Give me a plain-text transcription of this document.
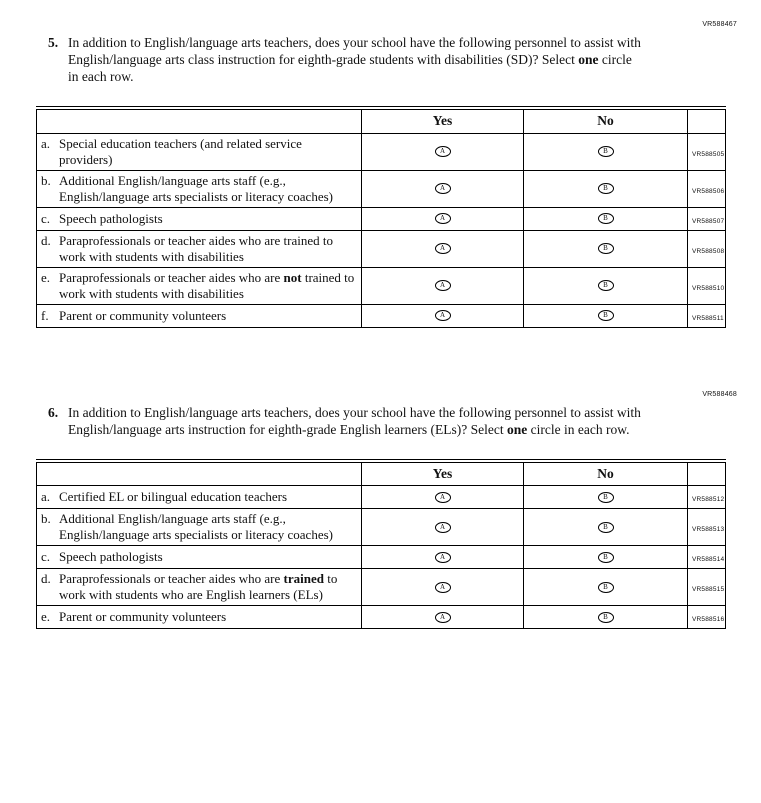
VR588467
5. In addition to English/language arts teachers, does your school have the following personnel to assist with English/language arts class instruction for eighth-grade students with disabilities (SD)? Select one circle in each row.
	Yes	No	

a. Special education teachers (and related service providers)	A	B	VR588505

b. Additional English/language arts staff (e.g., English/language arts specialists or literacy coaches)	A	B	VR588506

c. Speech pathologists	A	B	VR588507

d. Paraprofessionals or teacher aides who are trained to work with students with disabilities	A	B	VR588508

e. Paraprofessionals or teacher aides who are not trained to work with students with disabilities	A	B	VR588510

f. Parent or community volunteers	A	B	VR588511
VR588468
6. In addition to English/language arts teachers, does your school have the following personnel to assist with English/language arts instruction for eighth-grade English learners (ELs)? Select one circle in each row.
	Yes	No	

a. Certified EL or bilingual education teachers	A	B	VR588512

b. Additional English/language arts staff (e.g., English/language arts specialists or literacy coaches)	A	B	VR588513

c. Speech pathologists	A	B	VR588514

d. Paraprofessionals or teacher aides who are trained to work with students who are English learners (ELs)	A	B	VR588515

e. Parent or community volunteers	A	B	VR588516
